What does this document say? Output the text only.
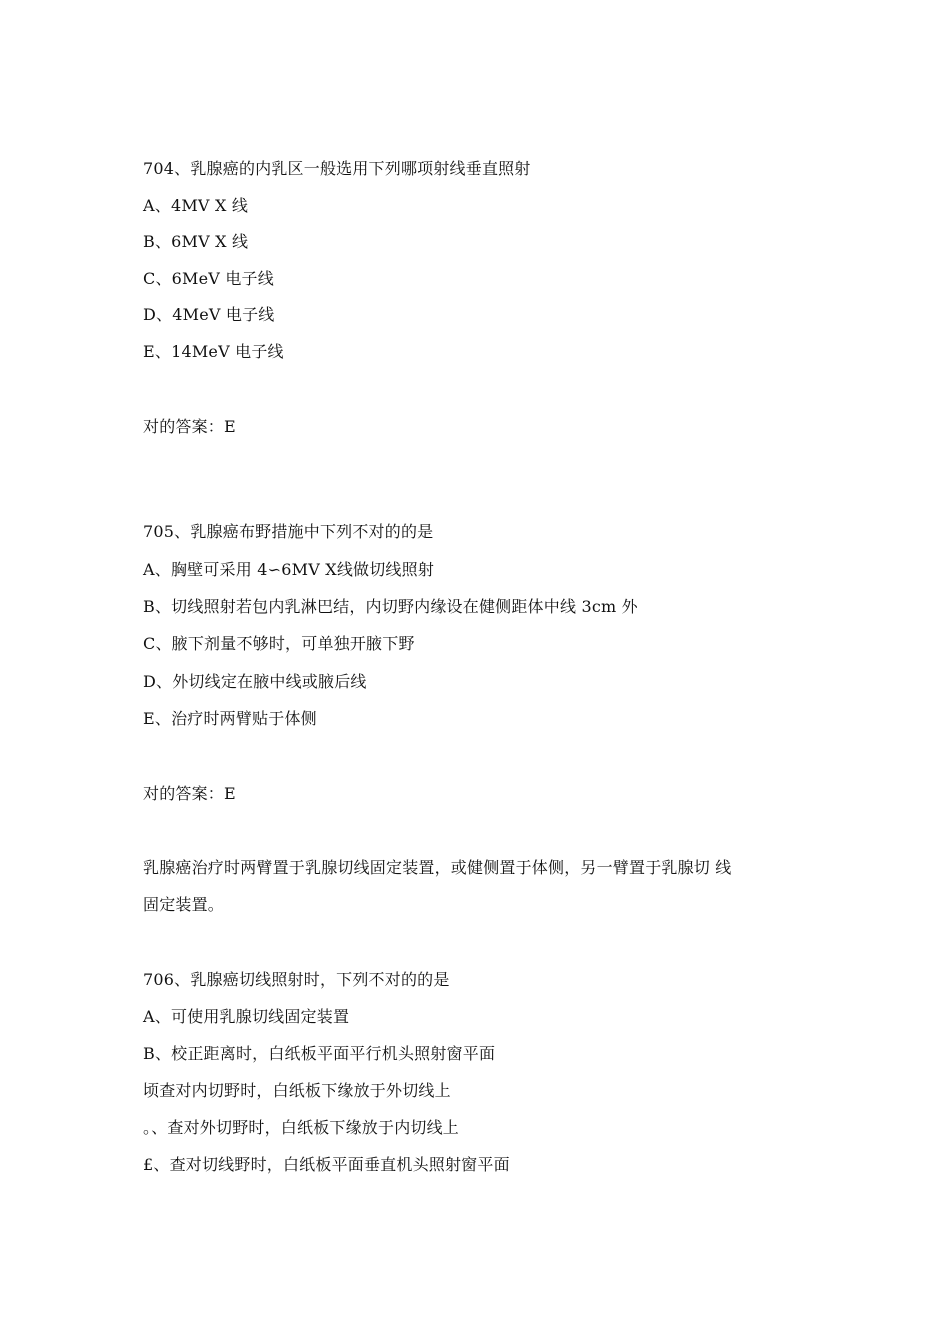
704、乳腺癌的内乳区一般选用下列哪项射线垂直照射
A、4MV X 线
B、6MV X 线
C、6MeV 电子线
D、4MeV 电子线
E、14MeV 电子线
对的答案：E
705、乳腺癌布野措施中下列不对的的是
A、胸壁可采用 4∽6MV X线做切线照射
B、切线照射若包内乳淋巴结，内切野内缘设在健侧距体中线 3cm 外
C、腋下剂量不够时，可单独开腋下野
D、外切线定在腋中线或腋后线
E、治疗时两臂贴于体侧
对的答案：E
乳腺癌治疗时两臂置于乳腺切线固定装置，或健侧置于体侧，另一臂置于乳腺切 线
固定装置。
706、乳腺癌切线照射时，下列不对的的是
A、可使用乳腺切线固定装置
B、校正距离时，白纸板平面平行机头照射窗平面
顷查对内切野时，白纸板下缘放于外切线上
。、查对外切野时，白纸板下缘放于内切线上
£、查对切线野时，白纸板平面垂直机头照射窗平面
